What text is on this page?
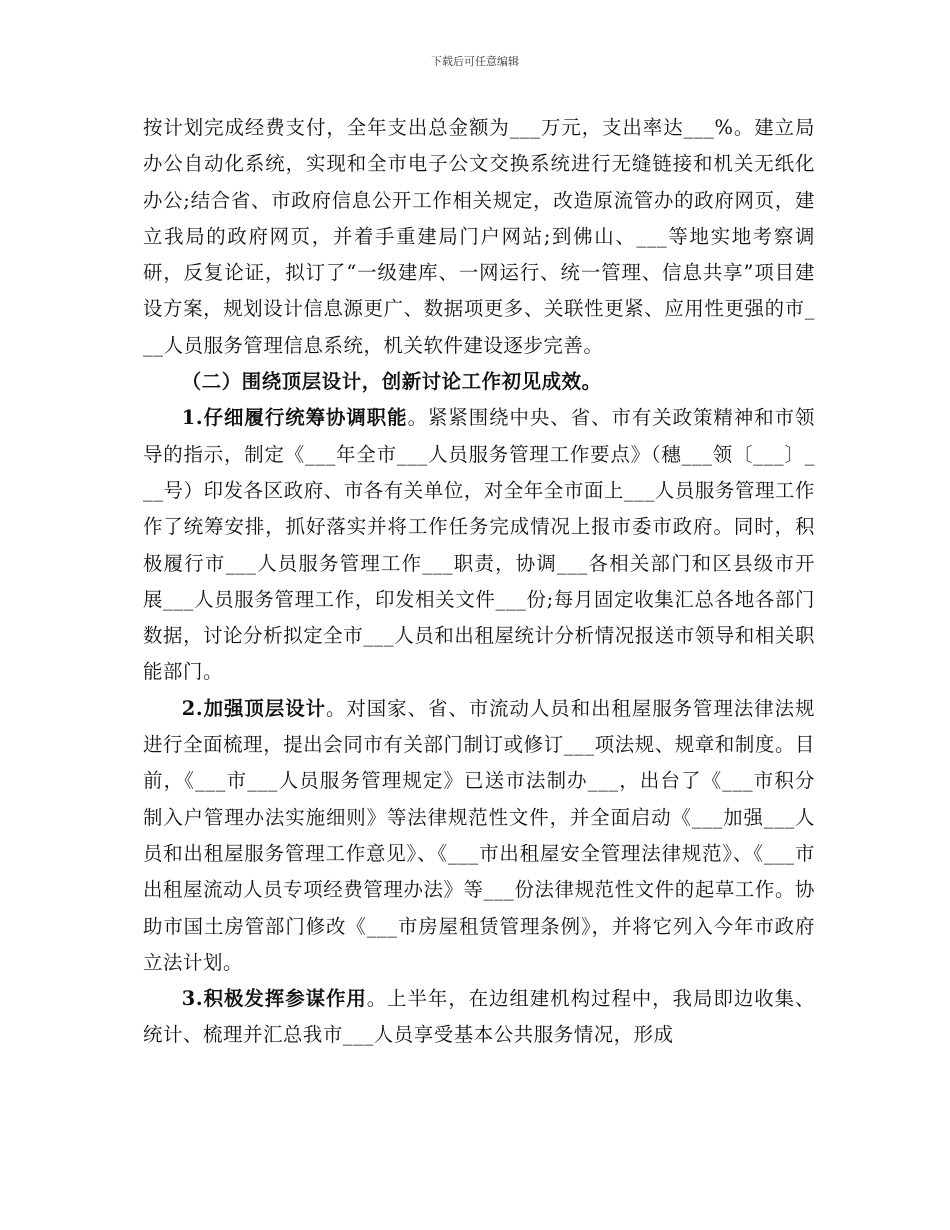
下载后可任意编辑

按计划完成经费支付，全年支出总金额为___万元，支出率达___%。建立局办公自动化系统，实现和全市电子公文交换系统进行无缝链接和机关无纸化办公;结合省、市政府信息公开工作相关规定，改造原流管办的政府网页，建立我局的政府网页，并着手重建局门户网站;到佛山、___等地实地考察调研，反复论证，拟订了“一级建库、一网运行、统一管理、信息共享”项目建设方案，规划设计信息源更广、数据项更多、关联性更紧、应用性更强的市___人员服务管理信息系统，机关软件建设逐步完善。

（二）围绕顶层设计，创新讨论工作初见成效。

1.仔细履行统筹协调职能。紧紧围绕中央、省、市有关政策精神和市领导的指示，制定《___年全市___人员服务管理工作要点》（穗___领〔___〕___号）印发各区政府、市各有关单位，对全年全市面上___人员服务管理工作作了统筹安排，抓好落实并将工作任务完成情况上报市委市政府。同时，积极履行市___人员服务管理工作___职责，协调___各相关部门和区县级市开展___人员服务管理工作，印发相关文件___份;每月固定收集汇总各地各部门数据，讨论分析拟定全市___人员和出租屋统计分析情况报送市领导和相关职能部门。

2.加强顶层设计。对国家、省、市流动人员和出租屋服务管理法律法规进行全面梳理，提出会同市有关部门制订或修订___项法规、规章和制度。目前，《___市___人员服务管理规定》已送市法制办___，出台了《___市积分制入户管理办法实施细则》等法律规范性文件，并全面启动《___加强___人员和出租屋服务管理工作意见》、《___市出租屋安全管理法律规范》、《___市出租屋流动人员专项经费管理办法》等___份法律规范性文件的起草工作。协助市国土房管部门修改《___市房屋租赁管理条例》，并将它列入今年市政府立法计划。

3.积极发挥参谋作用。上半年，在边组建机构过程中，我局即边收集、统计、梳理并汇总我市___人员享受基本公共服务情况，形成
